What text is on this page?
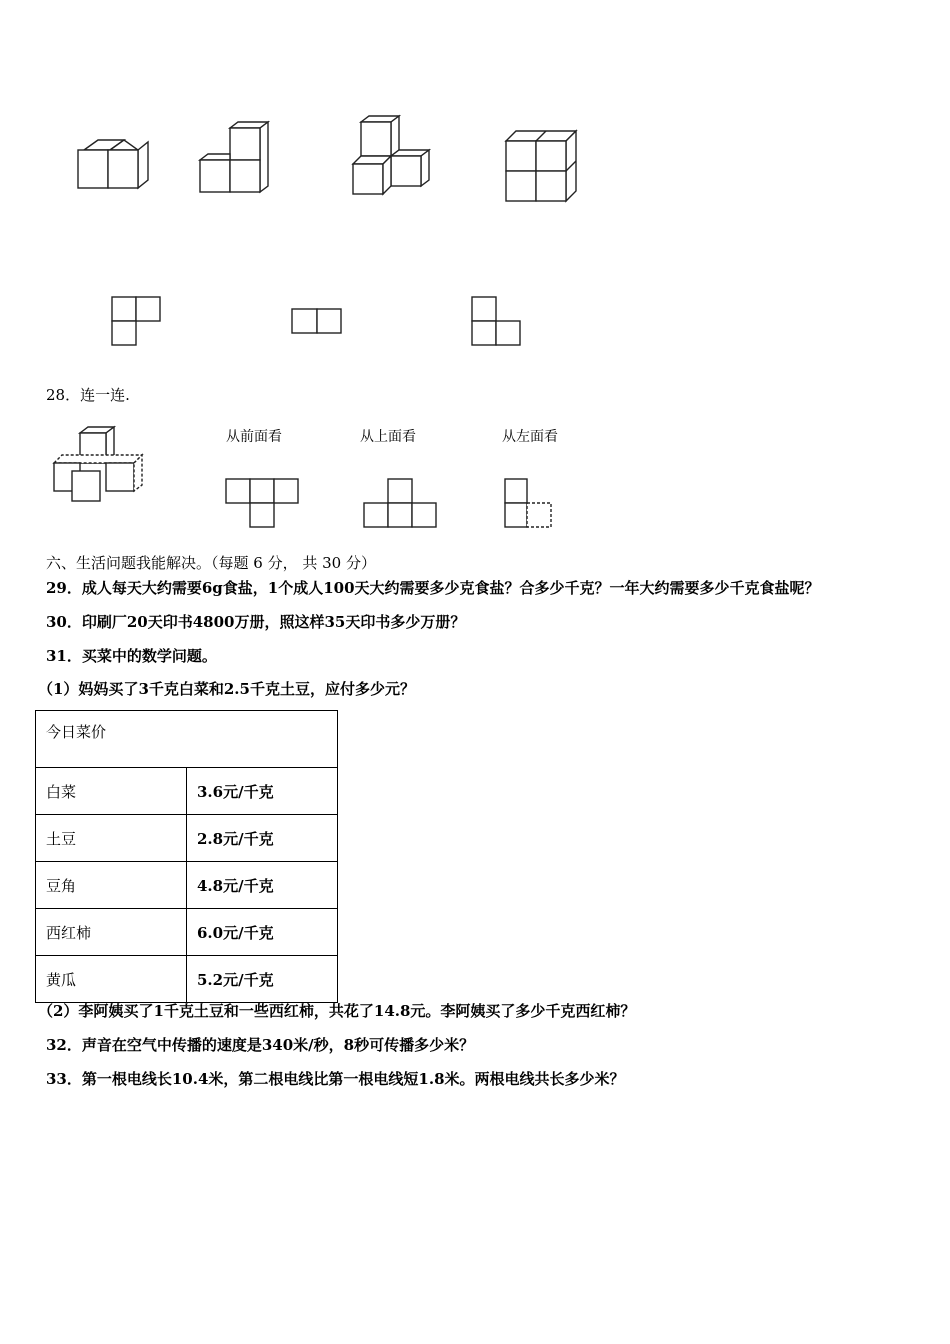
28．连一连.
从前面看	从上面看	从左面看
六、生活问题我能解决。（每题 6 分， 共 30 分）
29．成人每天大约需要6g食盐，1个成人100天大约需要多少克食盐？合多少千克？一年大约需要多少千克食盐呢？
30．印刷厂20天印书4800万册，照这样35天印书多少万册？
31．买菜中的数学问题。
（1）妈妈买了3千克白菜和2.5千克土豆，应付多少元？
今日菜价	
白菜	3.6元/千克
土豆	2.8元/千克
豆角	4.8元/千克
西红柿	6.0元/千克
黄瓜	5.2元/千克
（2）李阿姨买了1千克土豆和一些西红柿，共花了14.8元。李阿姨买了多少千克西红柿？
32．声音在空气中传播的速度是340米/秒，8秒可传播多少米？
33．第一根电线长10.4米，第二根电线比第一根电线短1.8米。两根电线共长多少米？
